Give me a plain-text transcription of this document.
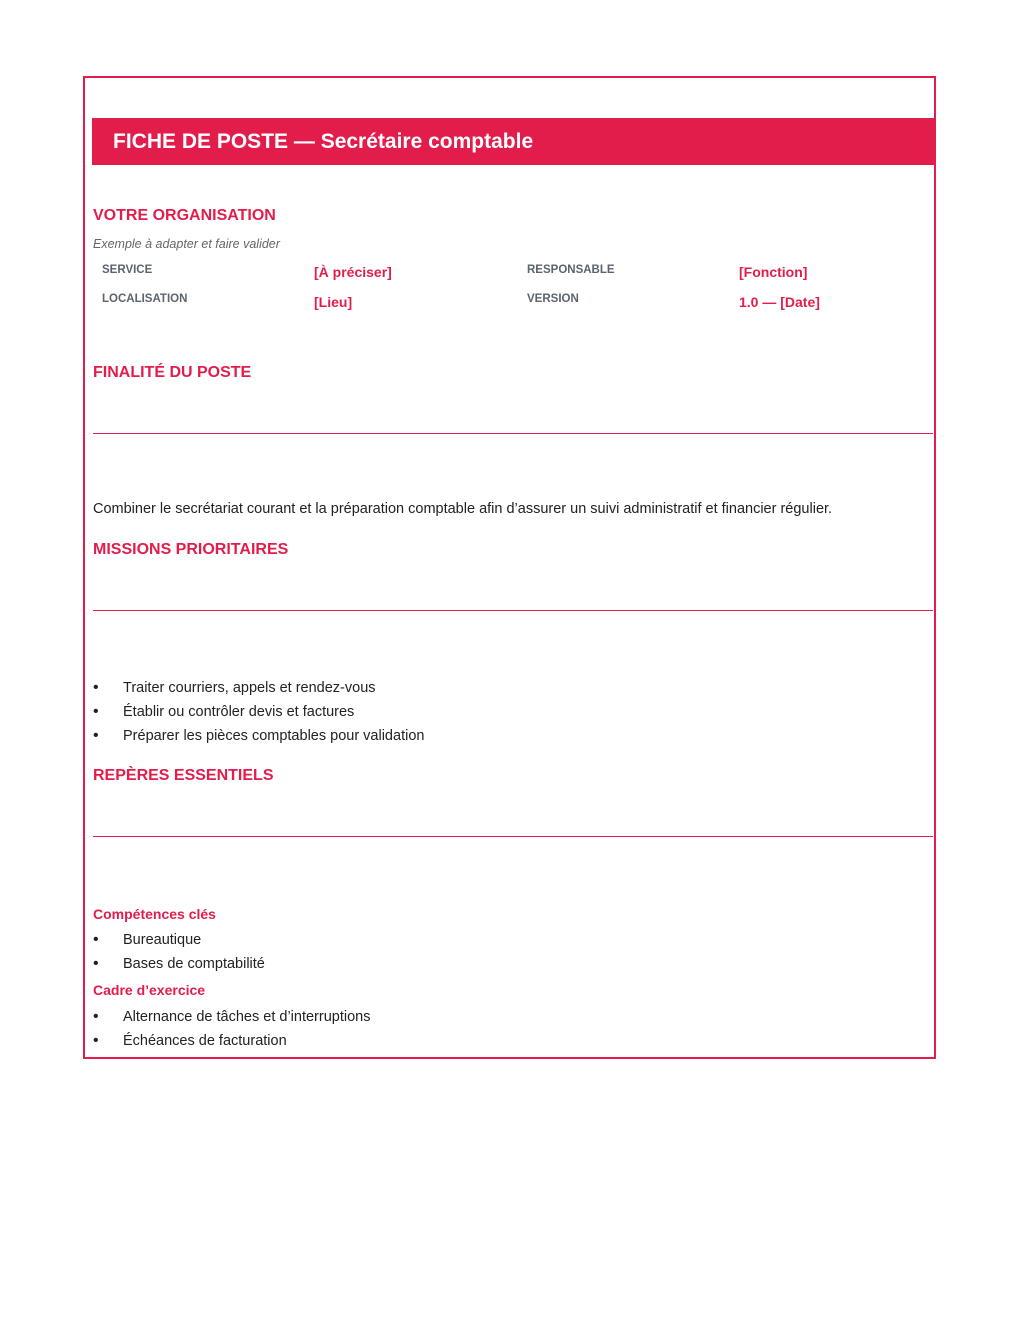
FICHE DE POSTE — Secrétaire comptable
VOTRE ORGANISATION
Exemple à adapter et faire valider
SERVICE	[À préciser]	RESPONSABLE	[Fonction]
LOCALISATION	[Lieu]	VERSION	1.0 — [Date]
FINALITÉ DU POSTE
Combiner le secrétariat courant et la préparation comptable afin d’assurer un suivi administratif et financier régulier.
MISSIONS PRIORITAIRES
• Traiter courriers, appels et rendez-vous
• Établir ou contrôler devis et factures
• Préparer les pièces comptables pour validation
REPÈRES ESSENTIELS
Compétences clés
• Bureautique
• Bases de comptabilité
Cadre d’exercice
• Alternance de tâches et d’interruptions
• Échéances de facturation
